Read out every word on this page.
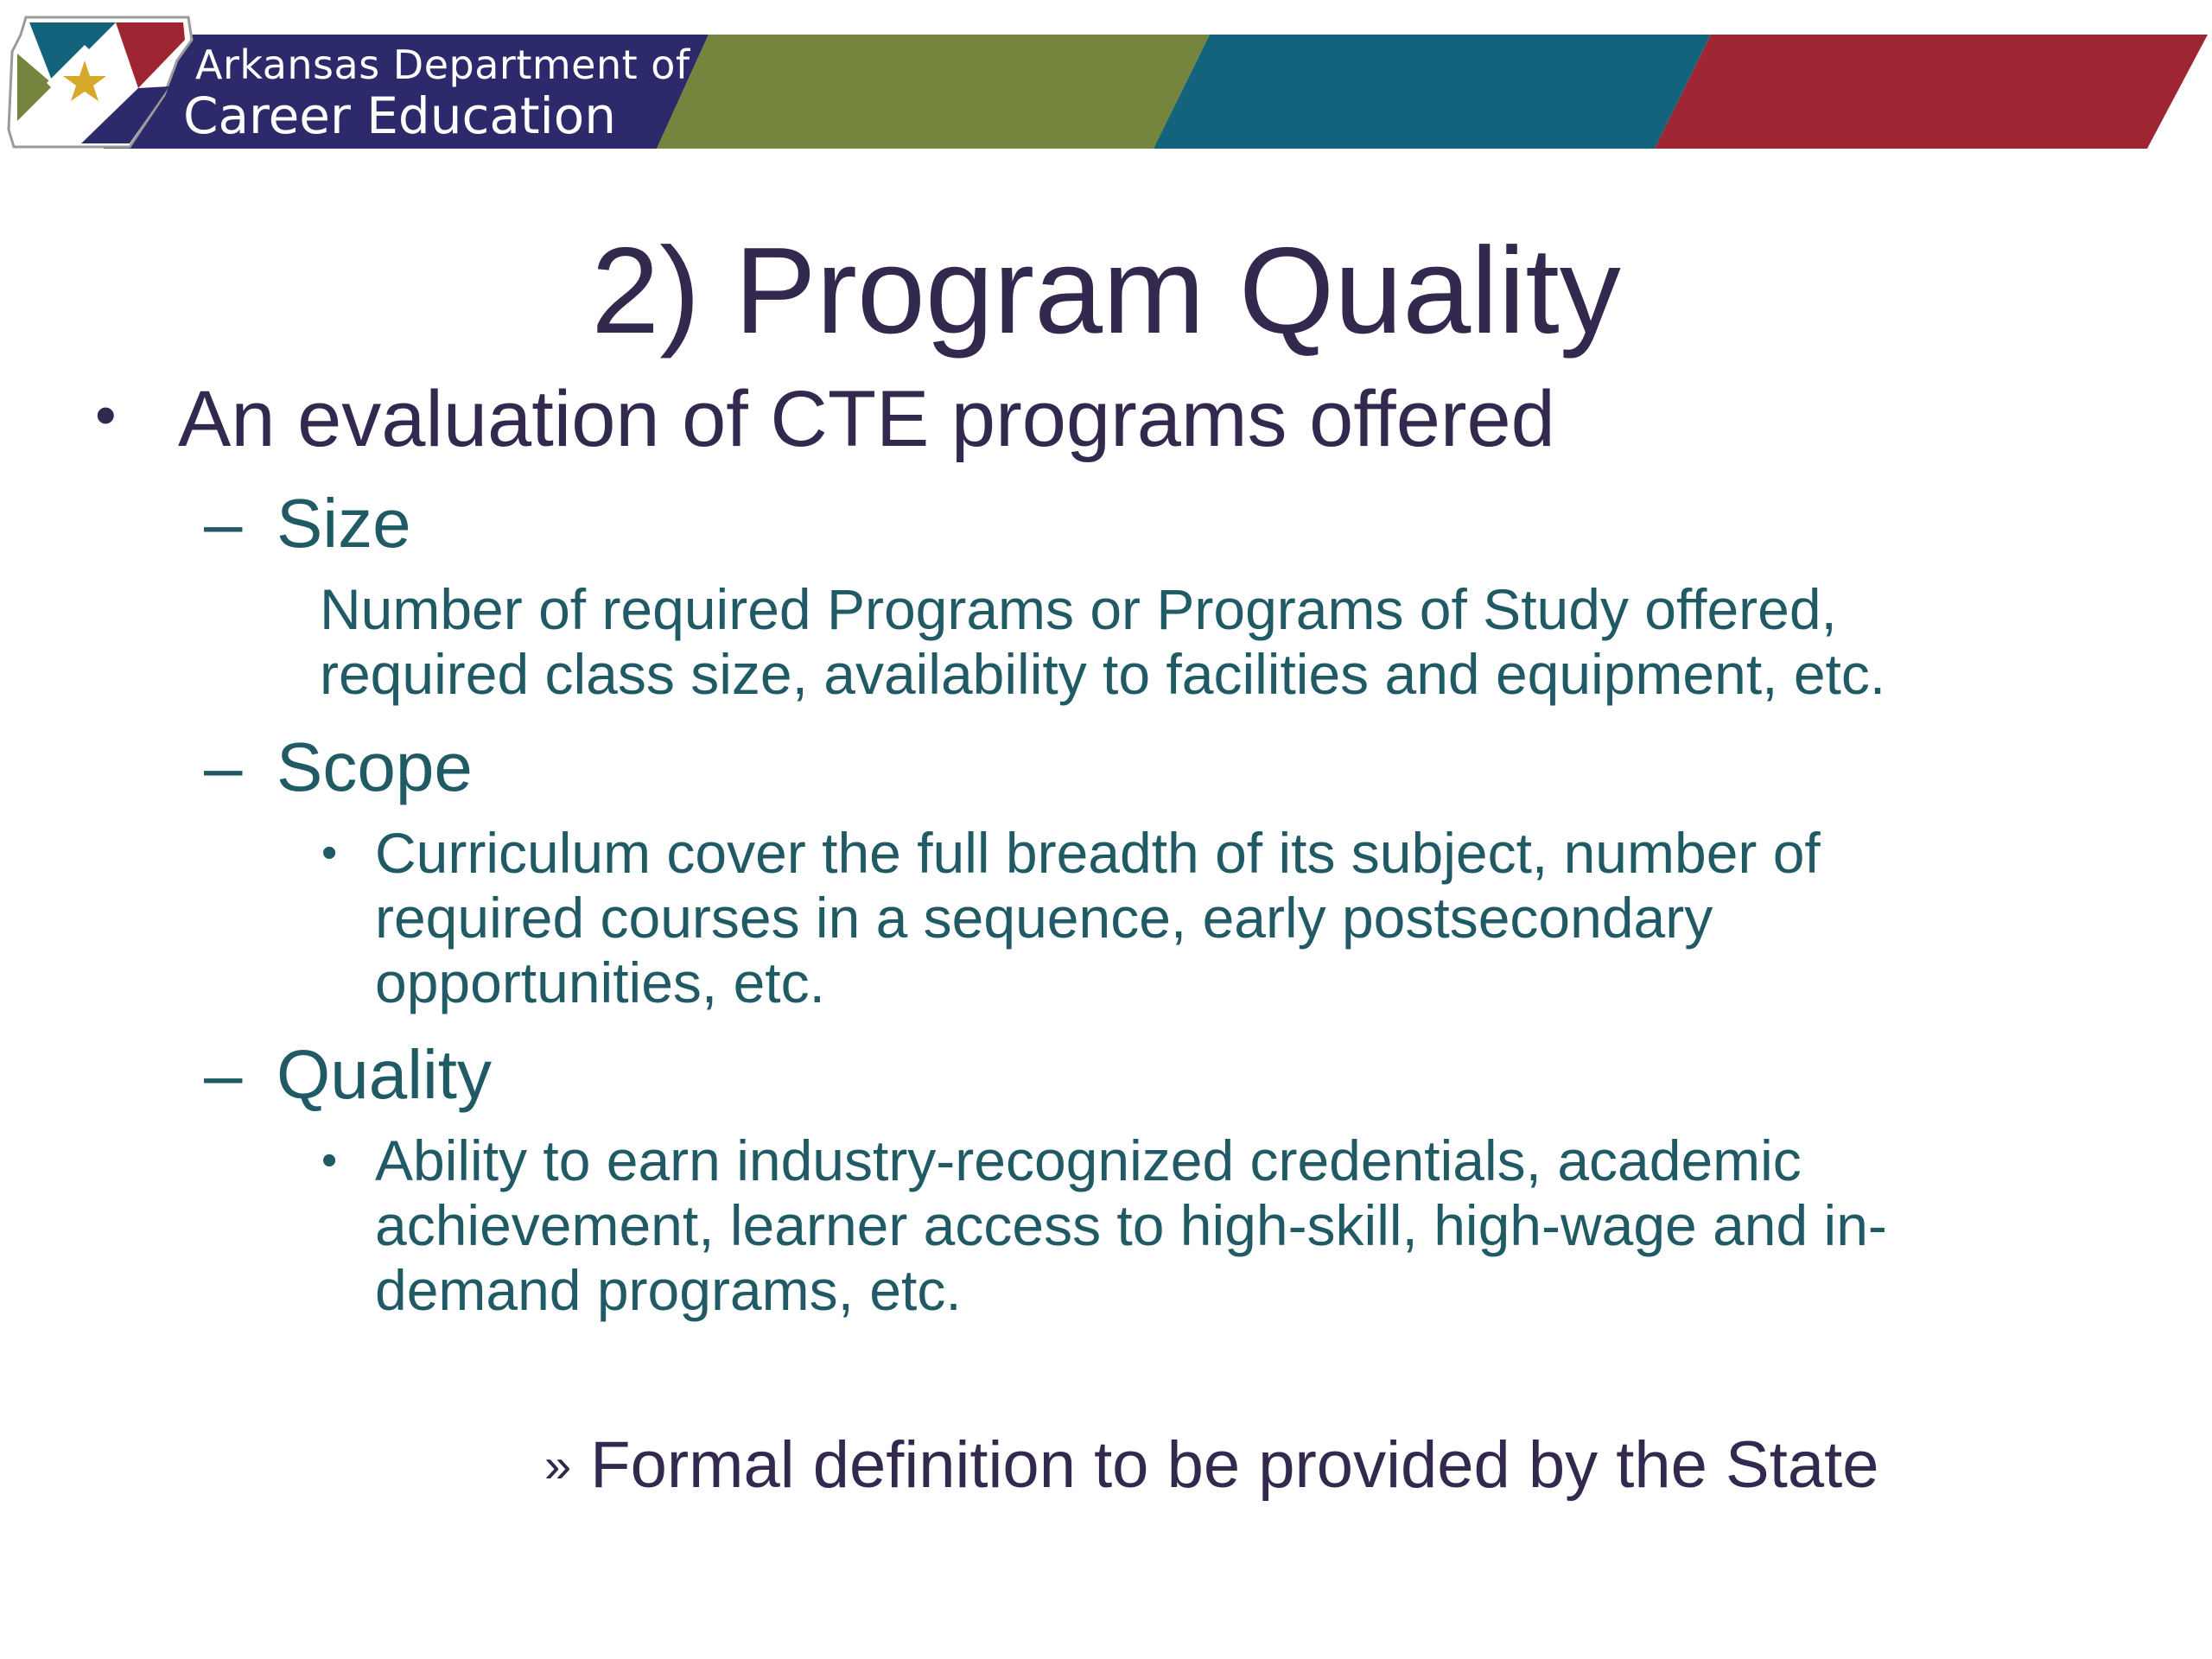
Arkansas Department of
Career Education
2) Program Quality
• An evaluation of CTE programs offered
– Size
Number of required Programs or Programs of Study offered,
required class size, availability to facilities and equipment, etc.
– Scope
• Curriculum cover the full breadth of its subject, number of
required courses in a sequence, early postsecondary
opportunities, etc.
– Quality
• Ability to earn industry-recognized credentials, academic
achievement, learner access to high-skill, high-wage and in-
demand programs, etc.
» Formal definition to be provided by the State
